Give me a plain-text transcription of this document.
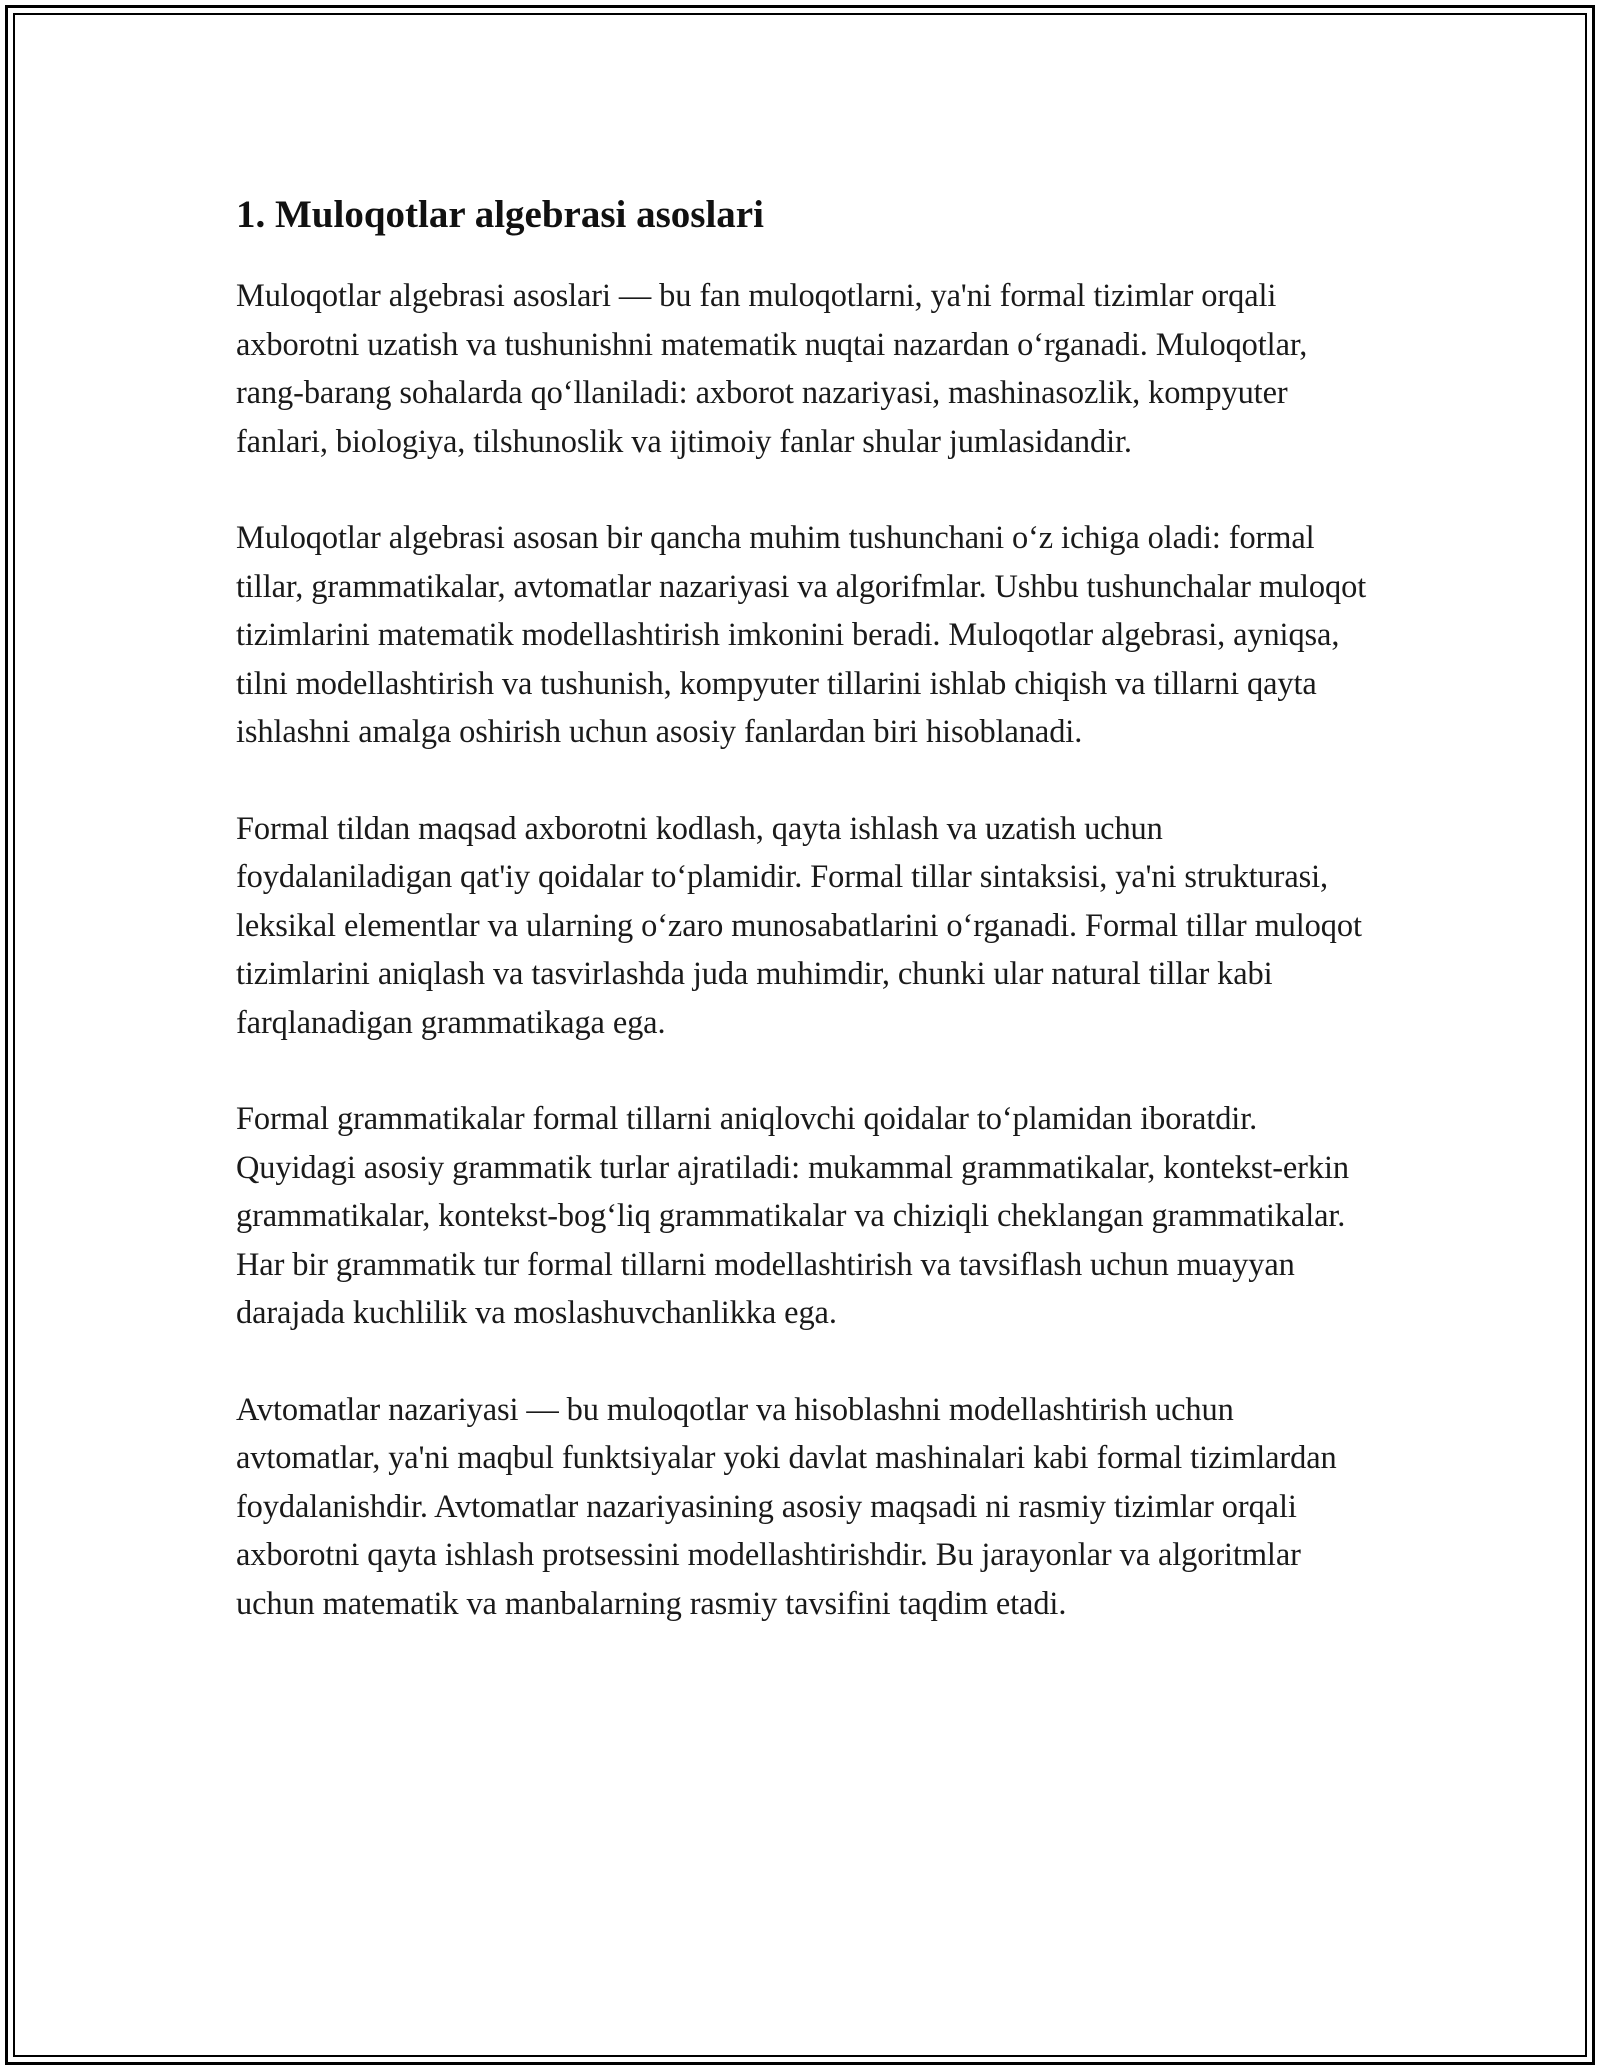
1. Muloqotlar algebrasi asoslari

Muloqotlar algebrasi asoslari — bu fan muloqotlarni, ya'ni formal tizimlar orqali axborotni uzatish va tushunishni matematik nuqtai nazardan o‘rganadi. Muloqotlar, rang-barang sohalarda qo‘llaniladi: axborot nazariyasi, mashinasozlik, kompyuter fanlari, biologiya, tilshunoslik va ijtimoiy fanlar shular jumlasidandir.

Muloqotlar algebrasi asosan bir qancha muhim tushunchani o‘z ichiga oladi: formal tillar, grammatikalar, avtomatlar nazariyasi va algorifmlar. Ushbu tushunchalar muloqot tizimlarini matematik modellashtirish imkonini beradi. Muloqotlar algebrasi, ayniqsa, tilni modellashtirish va tushunish, kompyuter tillarini ishlab chiqish va tillarni qayta ishlashni amalga oshirish uchun asosiy fanlardan biri hisoblanadi.

Formal tildan maqsad axborotni kodlash, qayta ishlash va uzatish uchun foydalaniladigan qat'iy qoidalar to‘plamidir. Formal tillar sintaksisi, ya'ni strukturasi, leksikal elementlar va ularning o‘zaro munosabatlarini o‘rganadi. Formal tillar muloqot tizimlarini aniqlash va tasvirlashda juda muhimdir, chunki ular natural tillar kabi farqlanadigan grammatikaga ega.

Formal grammatikalar formal tillarni aniqlovchi qoidalar to‘plamidan iboratdir. Quyidagi asosiy grammatik turlar ajratiladi: mukammal grammatikalar, kontekst-erkin grammatikalar, kontekst-bog‘liq grammatikalar va chiziqli cheklangan grammatikalar. Har bir grammatik tur formal tillarni modellashtirish va tavsiflash uchun muayyan darajada kuchlilik va moslashuvchanlikka ega.

Avtomatlar nazariyasi — bu muloqotlar va hisoblashni modellashtirish uchun avtomatlar, ya'ni maqbul funktsiyalar yoki davlat mashinalari kabi formal tizimlardan foydalanishdir. Avtomatlar nazariyasining asosiy maqsadi ni rasmiy tizimlar orqali axborotni qayta ishlash protsessini modellashtirishdir. Bu jarayonlar va algoritmlar uchun matematik va manbalarning rasmiy tavsifini taqdim etadi.
